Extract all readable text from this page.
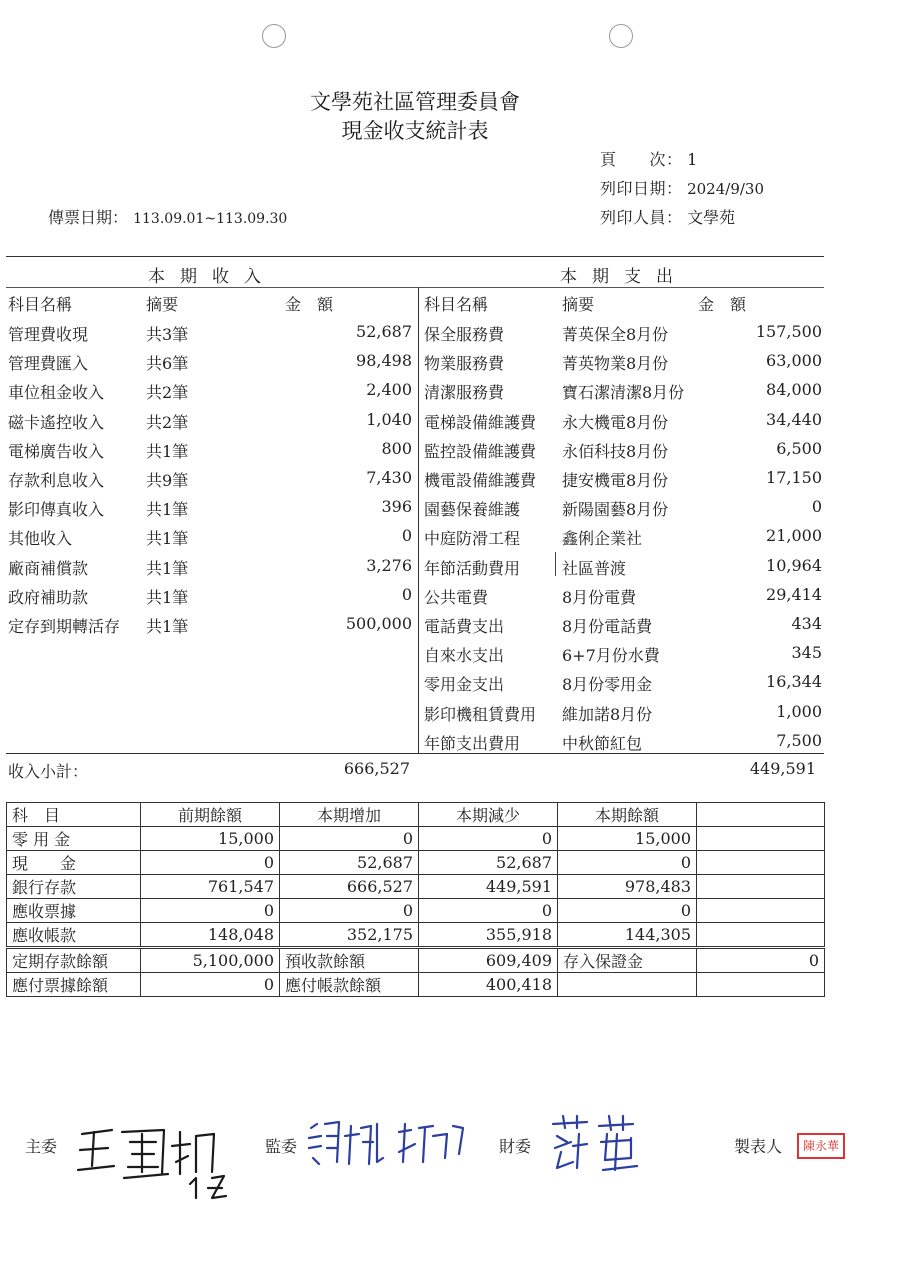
文學苑社區管理委員會
現金收支統計表
頁　　次： 1
列印日期： 2024/9/30
列印人員： 文學苑
傳票日期： 113.09.01~113.09.30
本期收入	本期支出
科目名稱	摘要	金　額	科目名稱	摘要	金　額
管理費收現	共3筆	52,687
管理費匯入	共6筆	98,498
車位租金收入	共2筆	2,400
磁卡遙控收入	共2筆	1,040
電梯廣告收入	共1筆	800
存款利息收入	共9筆	7,430
影印傳真收入	共1筆	396
其他收入	共1筆	0
廠商補償款	共1筆	3,276
政府補助款	共1筆	0
定存到期轉活存 共1筆	500,000
保全服務費	菁英保全8月份	157,500
物業服務費	菁英物業8月份	63,000
清潔服務費	寶石潔清潔8月份	84,000
電梯設備維護費 永大機電8月份	34,440
監控設備維護費 永佰科技8月份	6,500
機電設備維護費 捷安機電8月份	17,150
園藝保養維護	新陽園藝8月份	0
中庭防滑工程	鑫俐企業社	21,000
年節活動費用	社區普渡	10,964
公共電費	8月份電費	29,414
電話費支出	8月份電話費	434
自來水支出	6+7月份水費	345
零用金支出	8月份零用金	16,344
影印機租賃費用 維加諾8月份	1,000
年節支出費用	中秋節紅包	7,500
收入小計：	666,527	449,591
科　目	前期餘額	本期增加	本期減少	本期餘額	
零 用 金	15,000	0	0	15,000	
現　　金	0	52,687	52,687	0	
銀行存款	761,547	666,527	449,591	978,483	
應收票據	0	0	0	0	
應收帳款	148,048	352,175	355,918	144,305	
定期存款餘額	5,100,000	預收款餘額	609,409	存入保證金	0
應付票據餘額	0	應付帳款餘額	400,418		
主委	監委	財委	製表人	陳永華
